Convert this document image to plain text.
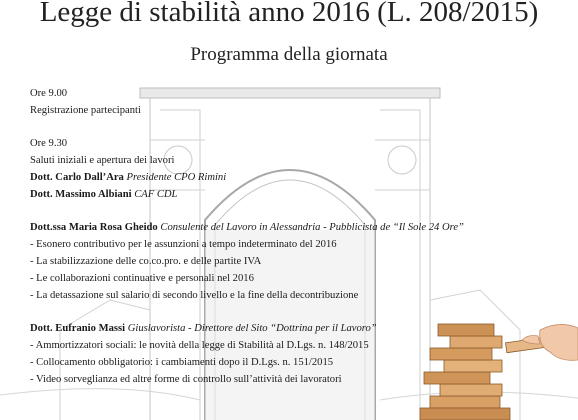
Legge di stabilità anno 2016 (L. 208/2015)
Programma della giornata
Ore 9.00
Registrazione partecipanti
Ore 9.30
Saluti iniziali e apertura dei lavori
Dott. Carlo Dall’Ara Presidente CPO Rimini
Dott. Massimo Albiani CAF CDL
Dott.ssa Maria Rosa Gheido Consulente del Lavoro in Alessandria - Pubblicista de “Il Sole 24 Ore”
- Esonero contributivo per le assunzioni a tempo indeterminato del 2016
- La stabilizzazione delle co.co.pro. e delle partite IVA
- Le collaborazioni continuative e personali nel 2016
- La detassazione sul salario di secondo livello e la fine della decontribuzione
Dott. Eufranio Massi Giuslavorista - Direttore del Sito “Dottrina per il Lavoro”
- Ammortizzatori sociali: le novità della legge di Stabilità al D.Lgs. n. 148/2015
- Collocamento obbligatorio: i cambiamenti dopo il D.Lgs. n. 151/2015
- Video sorveglianza ed altre forme di controllo sull’attività dei lavoratori
